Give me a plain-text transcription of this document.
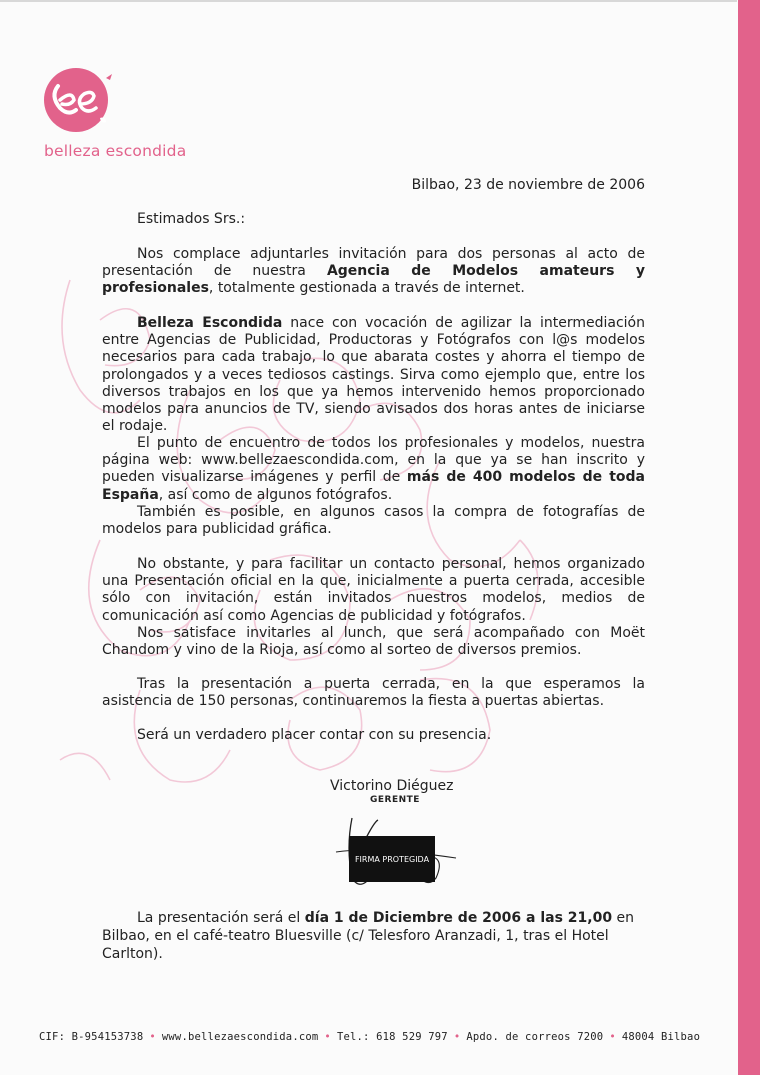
belleza escondida
Bilbao, 23 de noviembre de 2006
Estimados Srs.:

Nos complace adjuntarles invitación para dos personas al acto de presentación de nuestra Agencia de Modelos amateurs y profesionales, totalmente gestionada a través de internet.

Belleza Escondida nace con vocación de agilizar la intermediación entre Agencias de Publicidad, Productoras y Fotógrafos con l@s modelos necesarios para cada trabajo, lo que abarata costes y ahorra el tiempo de prolongados y a veces tediosos castings. Sirva como ejemplo que, entre los diversos trabajos en los que ya hemos intervenido hemos proporcionado modelos para anuncios de TV, siendo avisados dos horas antes de iniciarse el rodaje.

El punto de encuentro de todos los profesionales y modelos, nuestra página web: www.bellezaescondida.com, en la que ya se han inscrito y pueden visualizarse imágenes y perfil de más de 400 modelos de toda España, así como de algunos fotógrafos.

También es posible, en algunos casos la compra de fotografías de modelos para publicidad gráfica.

No obstante, y para facilitar un contacto personal, hemos organizado una Presentación oficial en la que, inicialmente a puerta cerrada, accesible sólo con invitación, están invitados nuestros modelos, medios de comunicación así como Agencias de publicidad y fotógrafos.

Nos satisface invitarles al lunch, que será acompañado con Moët Chandom y vino de la Rioja, así como al sorteo de diversos premios.

Tras la presentación a puerta cerrada, en la que esperamos la asistencia de 150 personas, continuaremos la fiesta a puertas abiertas.

Será un verdadero placer contar con su presencia.

Victorino Diéguez
GERENTE
FIRMA PROTEGIDA

La presentación será el día 1 de Diciembre de 2006 a las 21,00 en Bilbao, en el café-teatro Bluesville (c/ Telesforo Aranzadi, 1, tras el Hotel Carlton).

CIF: B-954153738 • www.bellezaescondida.com • Tel.: 618 529 797 • Apdo. de correos 7200 • 48004 Bilbao
